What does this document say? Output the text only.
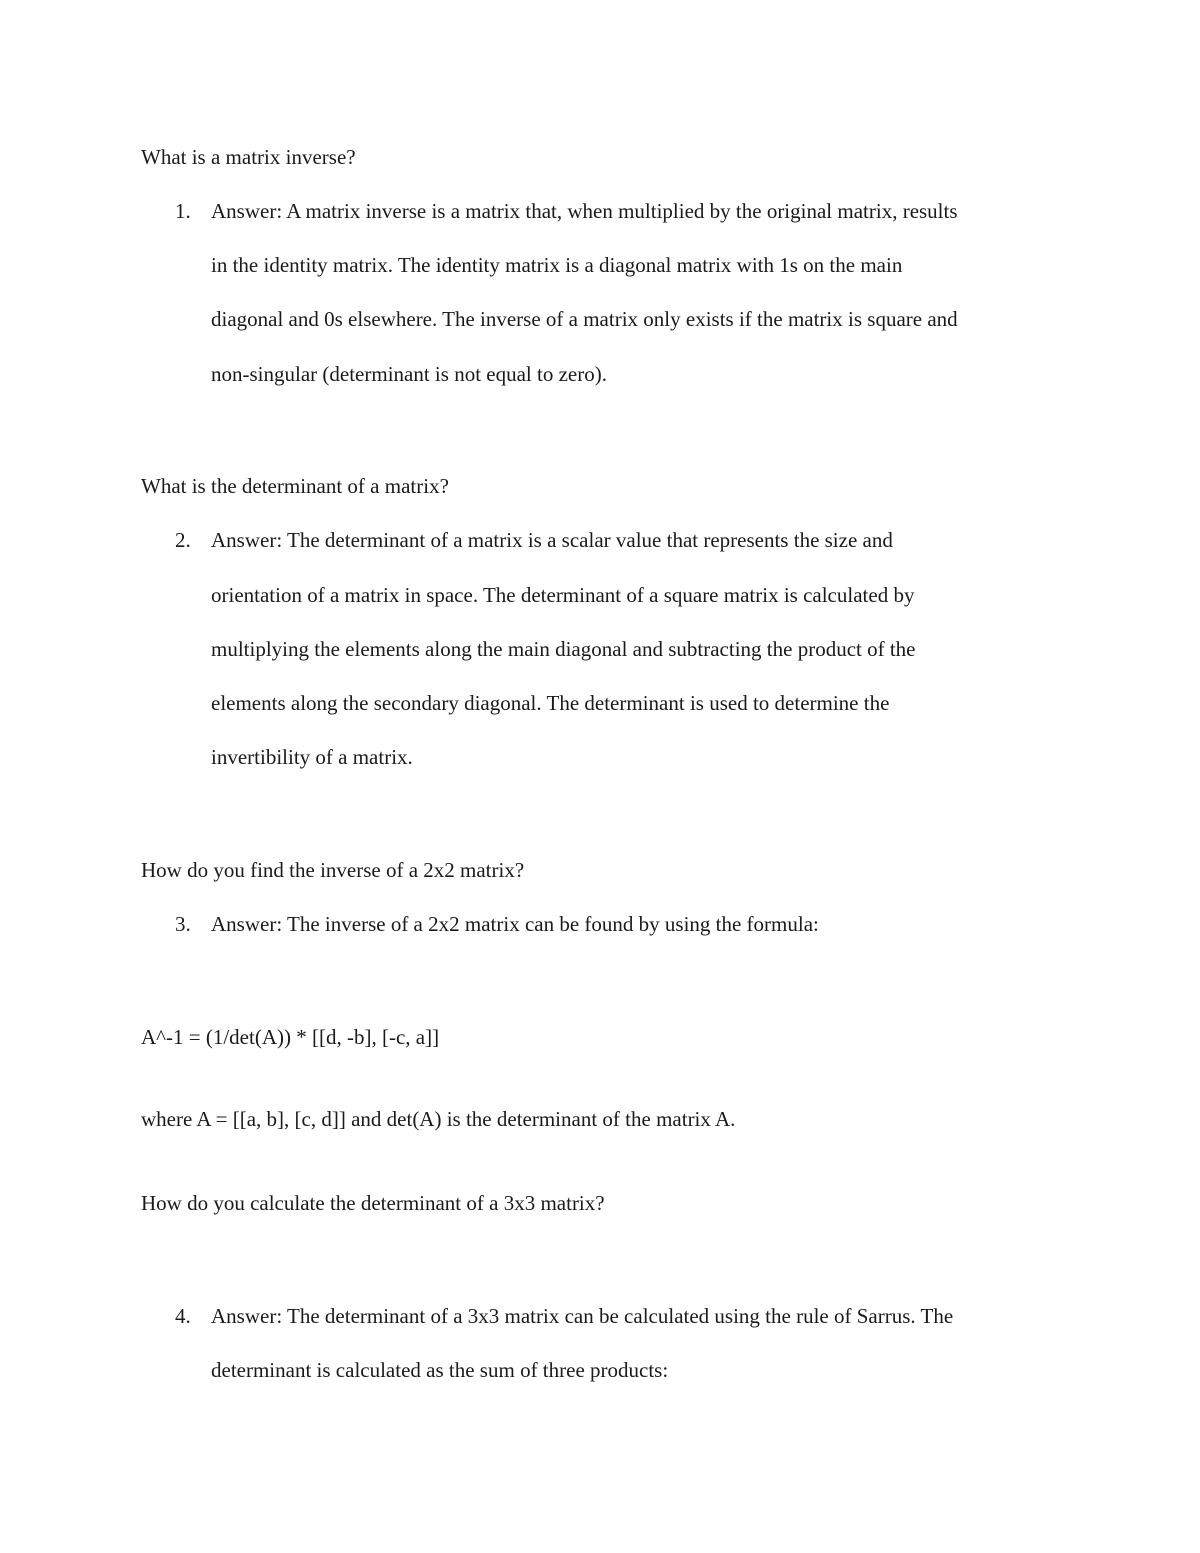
What is a matrix inverse?
1. Answer: A matrix inverse is a matrix that, when multiplied by the original matrix, results
in the identity matrix. The identity matrix is a diagonal matrix with 1s on the main
diagonal and 0s elsewhere. The inverse of a matrix only exists if the matrix is square and
non-singular (determinant is not equal to zero).
What is the determinant of a matrix?
2. Answer: The determinant of a matrix is a scalar value that represents the size and
orientation of a matrix in space. The determinant of a square matrix is calculated by
multiplying the elements along the main diagonal and subtracting the product of the
elements along the secondary diagonal. The determinant is used to determine the
invertibility of a matrix.
How do you find the inverse of a 2x2 matrix?
3. Answer: The inverse of a 2x2 matrix can be found by using the formula:
A^-1 = (1/det(A)) * [[d, -b], [-c, a]]
where A = [[a, b], [c, d]] and det(A) is the determinant of the matrix A.
How do you calculate the determinant of a 3x3 matrix?
4. Answer: The determinant of a 3x3 matrix can be calculated using the rule of Sarrus. The
determinant is calculated as the sum of three products:
